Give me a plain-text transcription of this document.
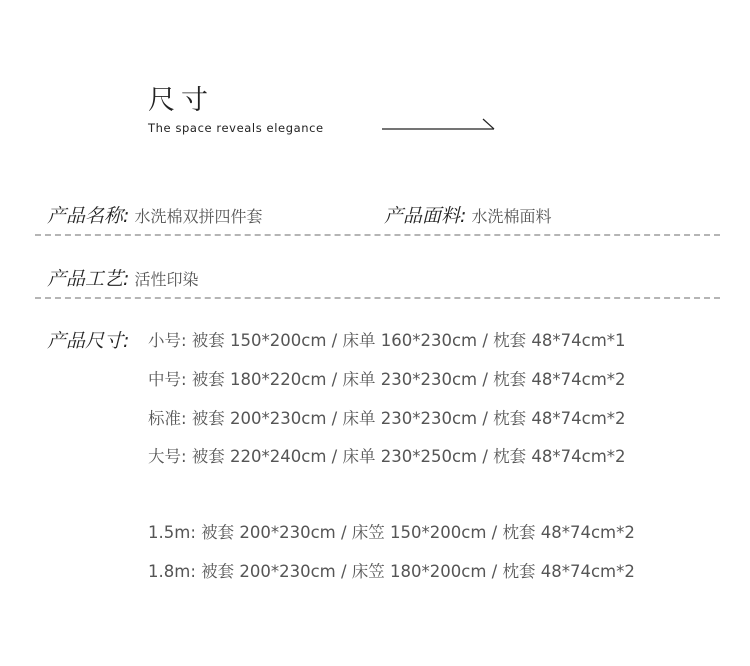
尺寸
The space reveals elegance
产品名称: 水洗棉双拼四件套	产品面料: 水洗棉面料
产品工艺: 活性印染
产品尺寸: 小号: 被套 150*200cm / 床单 160*230cm / 枕套 48*74cm*1
中号: 被套 180*220cm / 床单 230*230cm / 枕套 48*74cm*2
标准: 被套 200*230cm / 床单 230*230cm / 枕套 48*74cm*2
大号: 被套 220*240cm / 床单 230*250cm / 枕套 48*74cm*2
1.5m: 被套 200*230cm / 床笠 150*200cm / 枕套 48*74cm*2
1.8m: 被套 200*230cm / 床笠 180*200cm / 枕套 48*74cm*2
